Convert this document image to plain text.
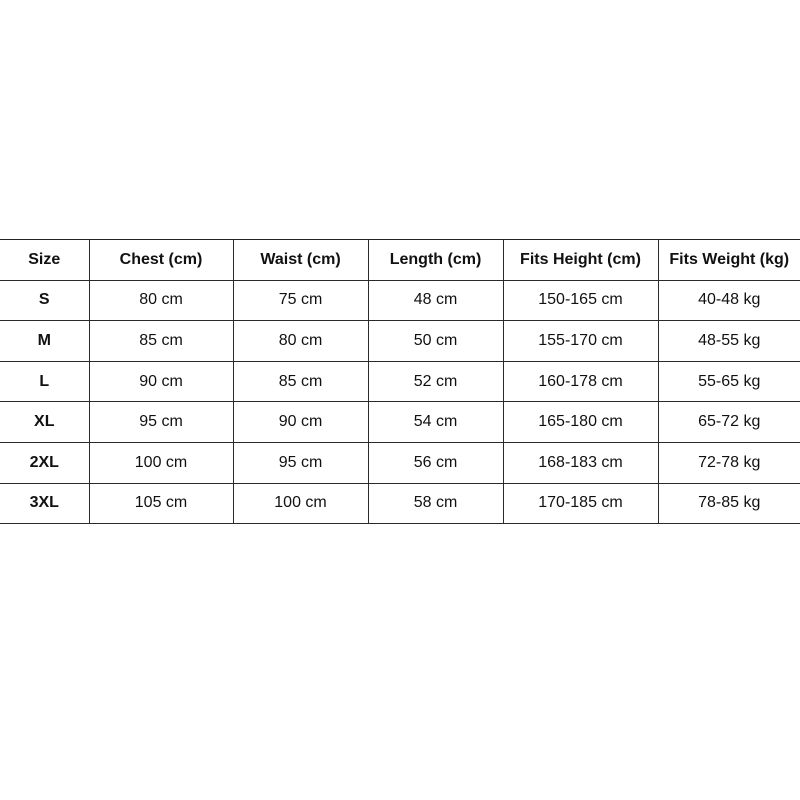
Size	Chest (cm)	Waist (cm)	Length (cm)	Fits Height (cm)	Fits Weight (kg)
S	80 cm	75 cm	48 cm	150-165 cm	40-48 kg
M	85 cm	80 cm	50 cm	155-170 cm	48-55 kg
L	90 cm	85 cm	52 cm	160-178 cm	55-65 kg
XL	95 cm	90 cm	54 cm	165-180 cm	65-72 kg
2XL	100 cm	95 cm	56 cm	168-183 cm	72-78 kg
3XL	105 cm	100 cm	58 cm	170-185 cm	78-85 kg
